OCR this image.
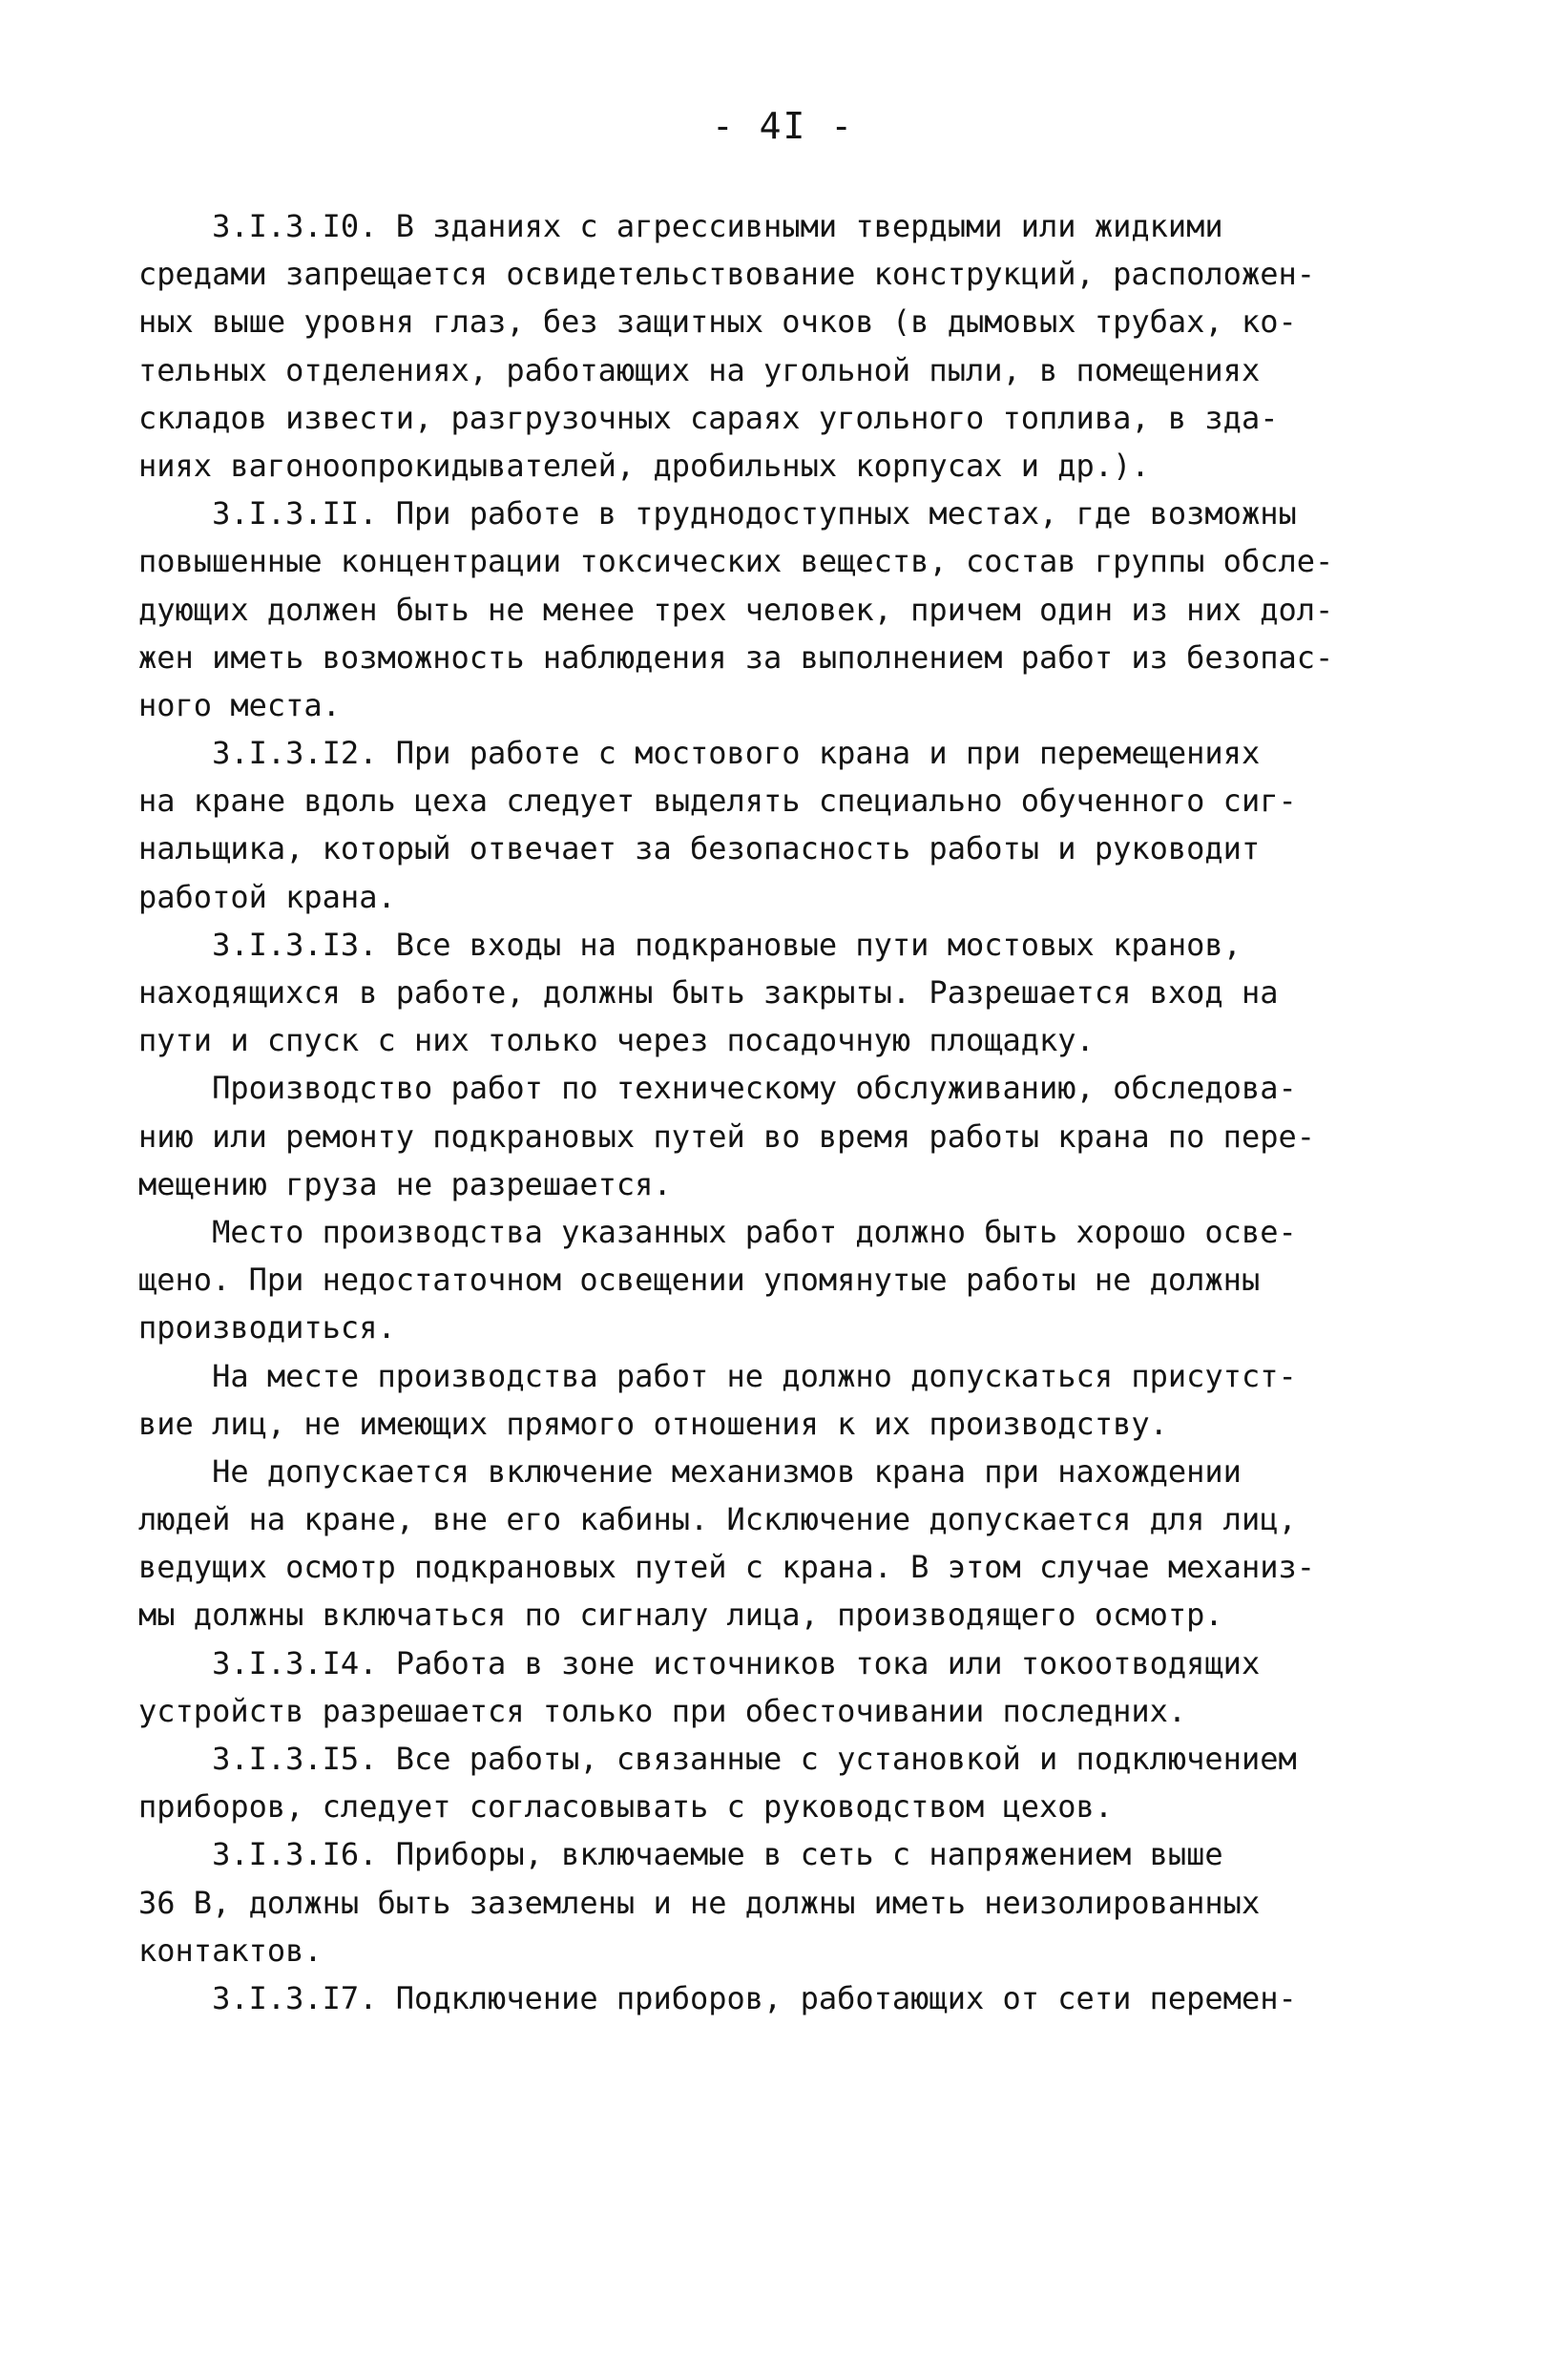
- 4I -
3.I.3.I0. В зданиях с агрессивными твердыми или жидкими
средами запрещается освидетельствование конструкций, расположен-
ных выше уровня глаз, без защитных очков (в дымовых трубах, ко-
тельных отделениях, работающих на угольной пыли, в помещениях
складов извести, разгрузочных сараях угольного топлива, в зда-
ниях вагоноопрокидывателей, дробильных корпусах и др.).
3.I.3.II. При работе в труднодоступных местах, где возможны
повышенные концентрации токсических веществ, состав группы обсле-
дующих должен быть не менее трех человек, причем один из них дол-
жен иметь возможность наблюдения за выполнением работ из безопас-
ного места.
3.I.3.I2. При работе с мостового крана и при перемещениях
на кране вдоль цеха следует выделять специально обученного сиг-
нальщика, который отвечает за безопасность работы и руководит
работой крана.
3.I.3.I3. Все входы на подкрановые пути мостовых кранов,
находящихся в работе, должны быть закрыты. Разрешается вход на
пути и спуск с них только через посадочную площадку.
Производство работ по техническому обслуживанию, обследова-
нию или ремонту подкрановых путей во время работы крана по пере-
мещению груза не разрешается.
Место производства указанных работ должно быть хорошо осве-
щено. При недостаточном освещении упомянутые работы не должны
производиться.
На месте производства работ не должно допускаться присутст-
вие лиц, не имеющих прямого отношения к их производству.
Не допускается включение механизмов крана при нахождении
людей на кране, вне его кабины. Исключение допускается для лиц,
ведущих осмотр подкрановых путей с крана. В этом случае механиз-
мы должны включаться по сигналу лица, производящего осмотр.
3.I.3.I4. Работа в зоне источников тока или токоотводящих
устройств разрешается только при обесточивании последних.
3.I.3.I5. Все работы, связанные с установкой и подключением
приборов, следует согласовывать с руководством цехов.
3.I.3.I6. Приборы, включаемые в сеть с напряжением выше
36 В, должны быть заземлены и не должны иметь неизолированных
контактов.
3.I.3.I7. Подключение приборов, работающих от сети перемен-
